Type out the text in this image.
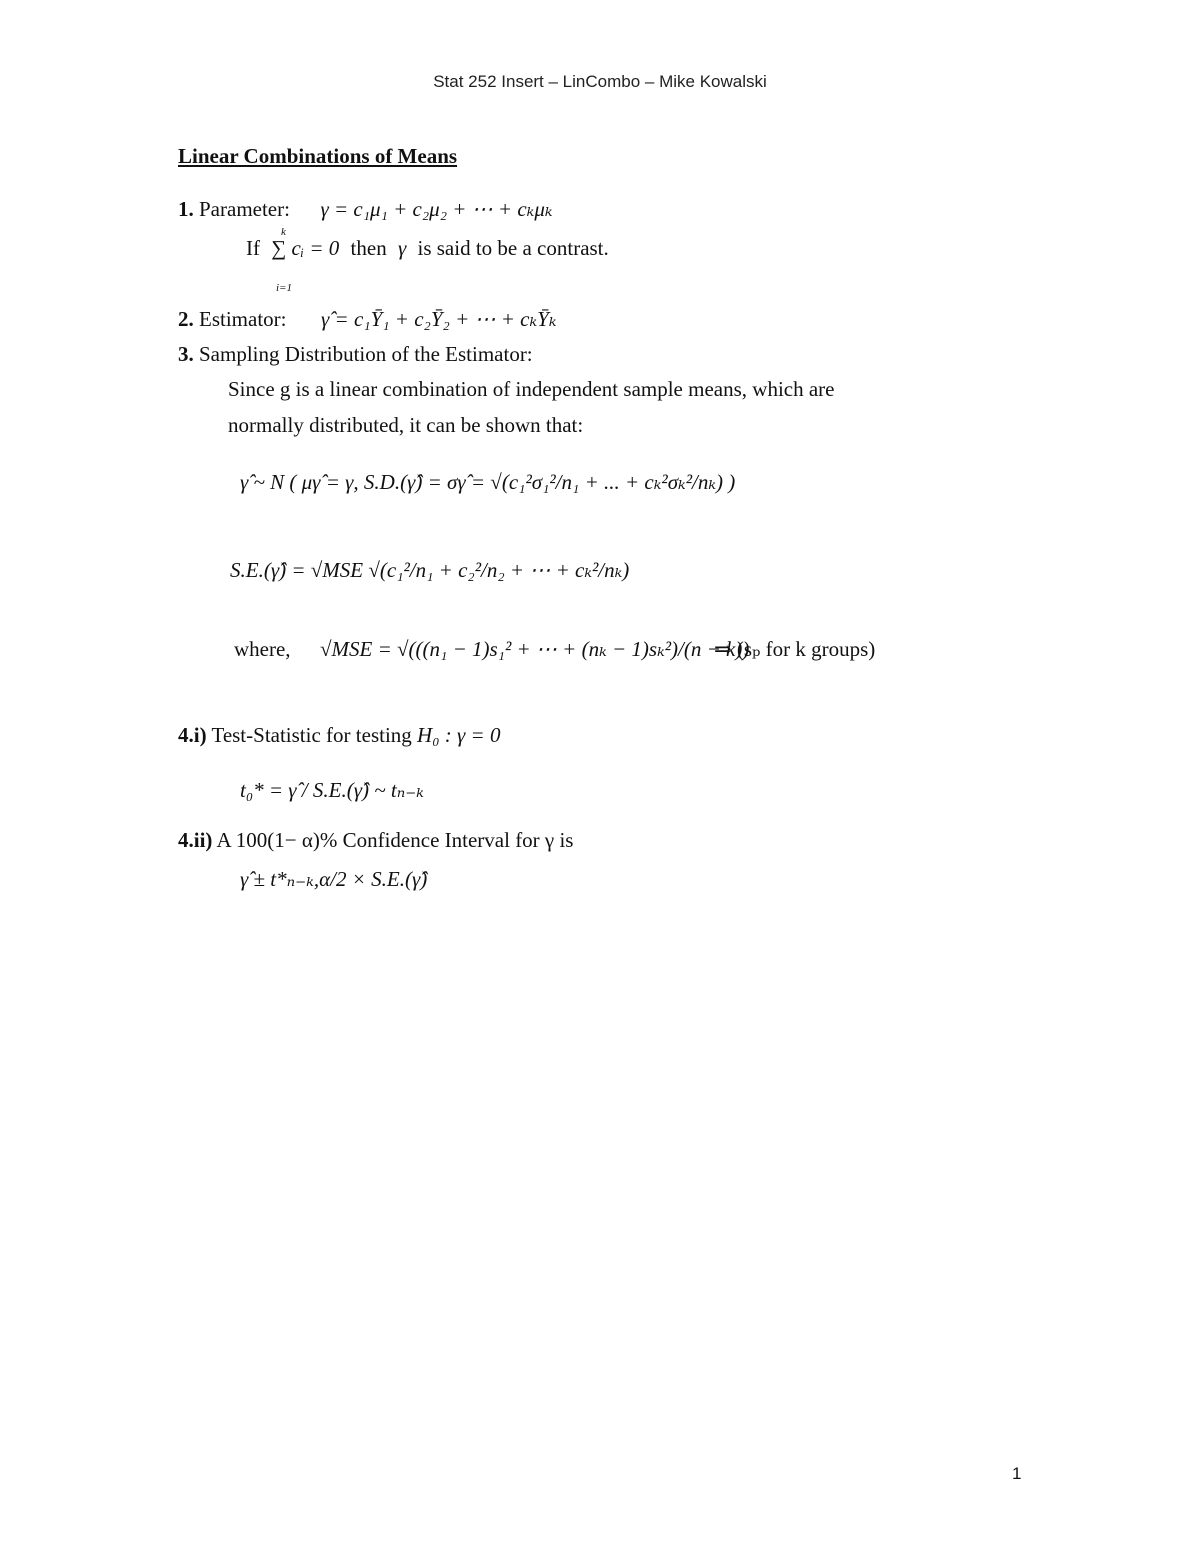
Stat 252 Insert – LinCombo – Mike Kowalski
Linear Combinations of Means
1. Parameter: γ = c₁μ₁ + c₂μ₂ + ⋯ + cₖμₖ
If ∑ cᵢ = 0 then γ is said to be a contrast.
k
i=1
2. Estimator: γ̂ = c₁Ȳ₁ + c₂Ȳ₂ + ⋯ + cₖȲₖ
3. Sampling Distribution of the Estimator:
Since g is a linear combination of independent sample means, which are
normally distributed, it can be shown that:
γ̂ ~ N ( μγ̂ = γ, S.D.(γ̂) = σγ̂ = √(c₁²σ₁²/n₁ + ... + cₖ²σₖ²/nₖ) )
S.E.(γ̂) = √MSE √(c₁²/n₁ + c₂²/n₂ + ⋯ + cₖ²/nₖ)
where, √MSE = √(((n₁ − 1)s₁² + ⋯ + (nₖ − 1)sₖ²)/(n − k))
⇒ (sₚ for k groups)
4.i) Test-Statistic for testing H₀ : γ = 0
t₀* = γ̂ / S.E.(γ̂) ~ tₙ₋ₖ
4.ii) A 100(1− α)% Confidence Interval for γ is
γ̂ ± t*ₙ₋ₖ,α/2 × S.E.(γ̂)
1
